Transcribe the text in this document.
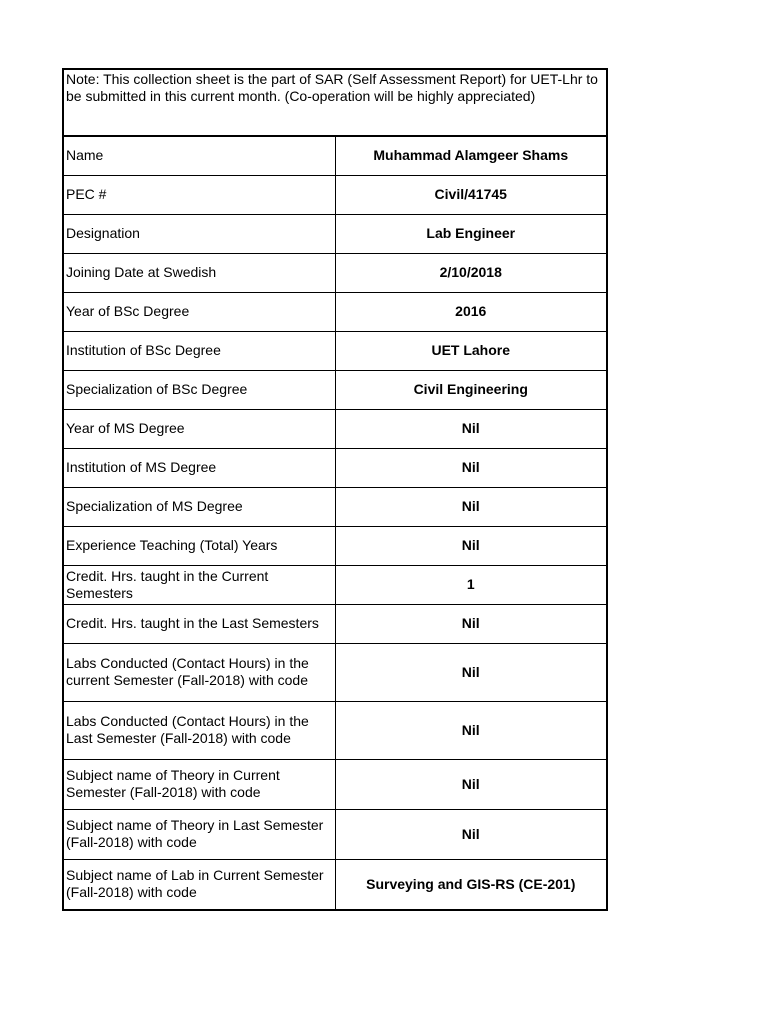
Note: This collection sheet is the part of SAR (Self Assessment Report) for UET-Lhr to be submitted in this current month. (Co-operation will be highly appreciated)	
Name	Muhammad Alamgeer Shams
PEC #	Civil/41745
Designation	Lab Engineer
Joining Date at Swedish	2/10/2018
Year of BSc Degree	2016
Institution of BSc Degree	UET Lahore
Specialization of BSc Degree	Civil Engineering
Year of MS Degree	Nil
Institution of MS Degree	Nil
Specialization of MS Degree	Nil
Experience Teaching (Total) Years	Nil
Credit. Hrs. taught in the Current Semesters	1
Credit. Hrs. taught in the Last Semesters	Nil
Labs Conducted (Contact Hours) in the current Semester (Fall-2018) with code	Nil
Labs Conducted (Contact Hours) in the Last Semester (Fall-2018) with code	Nil
Subject name of Theory in Current Semester (Fall-2018) with code	Nil
Subject name of Theory in Last Semester (Fall-2018) with code	Nil
Subject name of Lab in Current Semester (Fall-2018) with code	Surveying and GIS-RS (CE-201)
